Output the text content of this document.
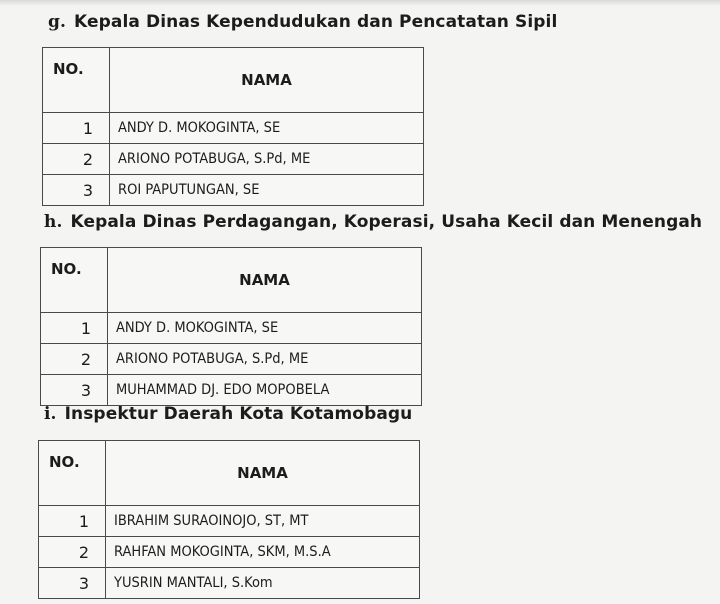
g. Kepala Dinas Kependudukan dan Pencatatan Sipil
NO.	NAMA
1	ANDY D. MOKOGINTA, SE
2	ARIONO POTABUGA, S.Pd, ME
3	ROI PAPUTUNGAN, SE
h. Kepala Dinas Perdagangan, Koperasi, Usaha Kecil dan Menengah
NO.	NAMA
1	ANDY D. MOKOGINTA, SE
2	ARIONO POTABUGA, S.Pd, ME
3	MUHAMMAD DJ. EDO MOPOBELA
i. Inspektur Daerah Kota Kotamobagu
NO.	NAMA
1	IBRAHIM SURAOINOJO, ST, MT
2	RAHFAN MOKOGINTA, SKM, M.S.A
3	YUSRIN MANTALI, S.Kom
